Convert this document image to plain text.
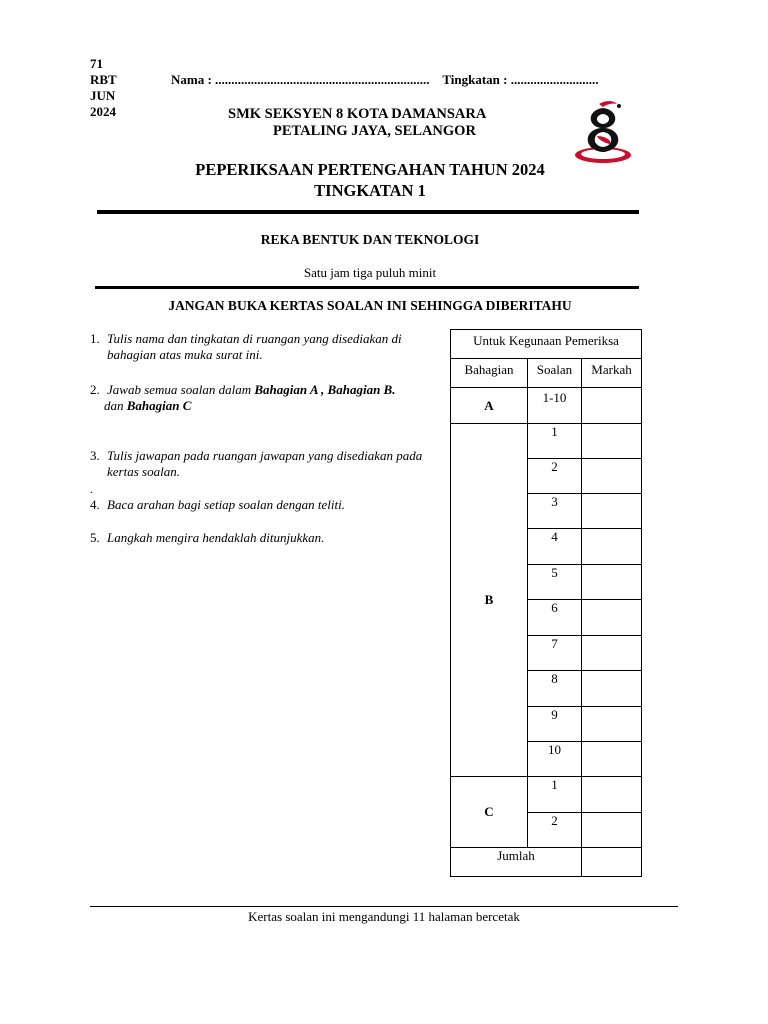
71
RBT
JUN
2024
Nama : .................................................................. Tingkatan : ...........................
SMK SEKSYEN 8 KOTA DAMANSARA
PETALING JAYA, SELANGOR
PEPERIKSAAN PERTENGAHAN TAHUN 2024
TINGKATAN 1
REKA BENTUK DAN TEKNOLOGI
Satu jam tiga puluh minit
JANGAN BUKA KERTAS SOALAN INI SEHINGGA DIBERITAHU
1. Tulis nama dan tingkatan di ruangan yang disediakan di bahagian atas muka surat ini.
2. Jawab semua soalan dalam Bahagian A , Bahagian B.
dan Bahagian C
3. Tulis jawapan pada ruangan jawapan yang disediakan pada kertas soalan.
.
4. Baca arahan bagi setiap soalan dengan teliti.
5. Langkah mengira hendaklah ditunjukkan.
Untuk Kegunaan Pemeriksa		
Bahagian	Soalan	Markah
A	1-10	
B	1	
	2	
	3	
	4	
	5	
	6	
	7	
	8	
	9	
	10	
C	1	
	2	
Jumlah		
Kertas soalan ini mengandungi 11 halaman bercetak
